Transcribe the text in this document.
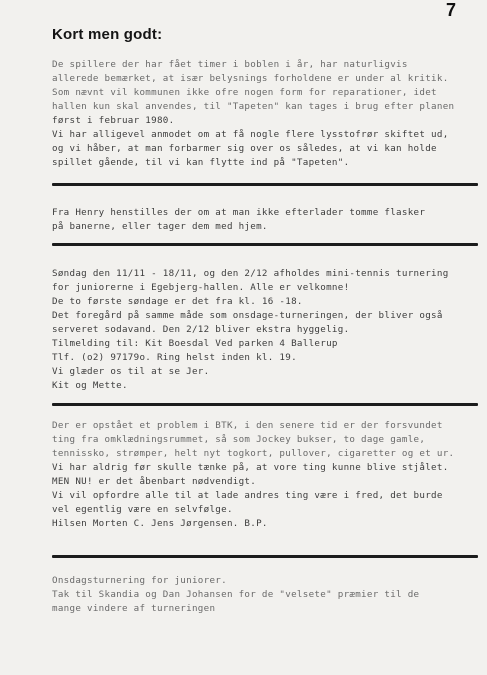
7
Kort men godt:
De spillere der har fået timer i boblen i år, har naturligvis
allerede bemærket, at især belysnings forholdene er under al kritik.
Som nævnt vil kommunen ikke ofre nogen form for reparationer, idet
hallen kun skal anvendes, til "Tapeten" kan tages i brug efter planen
først i februar 1980.
Vi har alligevel anmodet om at få nogle flere lysstofrør skiftet ud,
og vi håber, at man forbarmer sig over os således, at vi kan holde
spillet gående, til vi kan flytte ind på "Tapeten".
Fra Henry henstilles der om at man ikke efterlader tomme flasker
på banerne, eller tager dem med hjem.
Søndag den 11/11 - 18/11, og den 2/12 afholdes mini-tennis turnering
for juniorerne i Egebjerg-hallen. Alle er velkomne!
De to første søndage er det fra kl. 16 -18.
Det foregård på samme måde som onsdage-turneringen, der bliver også
serveret sodavand. Den 2/12 bliver ekstra hyggelig.
Tilmelding til: Kit Boesdal Ved parken 4 Ballerup
Tlf. (o2) 97179o. Ring helst inden kl. 19.
Vi glæder os til at se Jer.
Kit og Mette.
Der er opstået et problem i BTK, i den senere tid er der forsvundet
ting fra omklædningsrummet, så som Jockey bukser, to dage gamle,
tennissko, strømper, helt nyt togkort, pullover, cigaretter og et ur.
Vi har aldrig før skulle tænke på, at vore ting kunne blive stjålet.
MEN NU! er det åbenbart nødvendigt.
Vi vil opfordre alle til at lade andres ting være i fred, det burde
vel egentlig være en selvfølge.
Hilsen Morten C. Jens Jørgensen. B.P.
Onsdagsturnering for juniorer.
Tak til Skandia og Dan Johansen for de "velsete" præmier til de
mange vindere af turneringen
